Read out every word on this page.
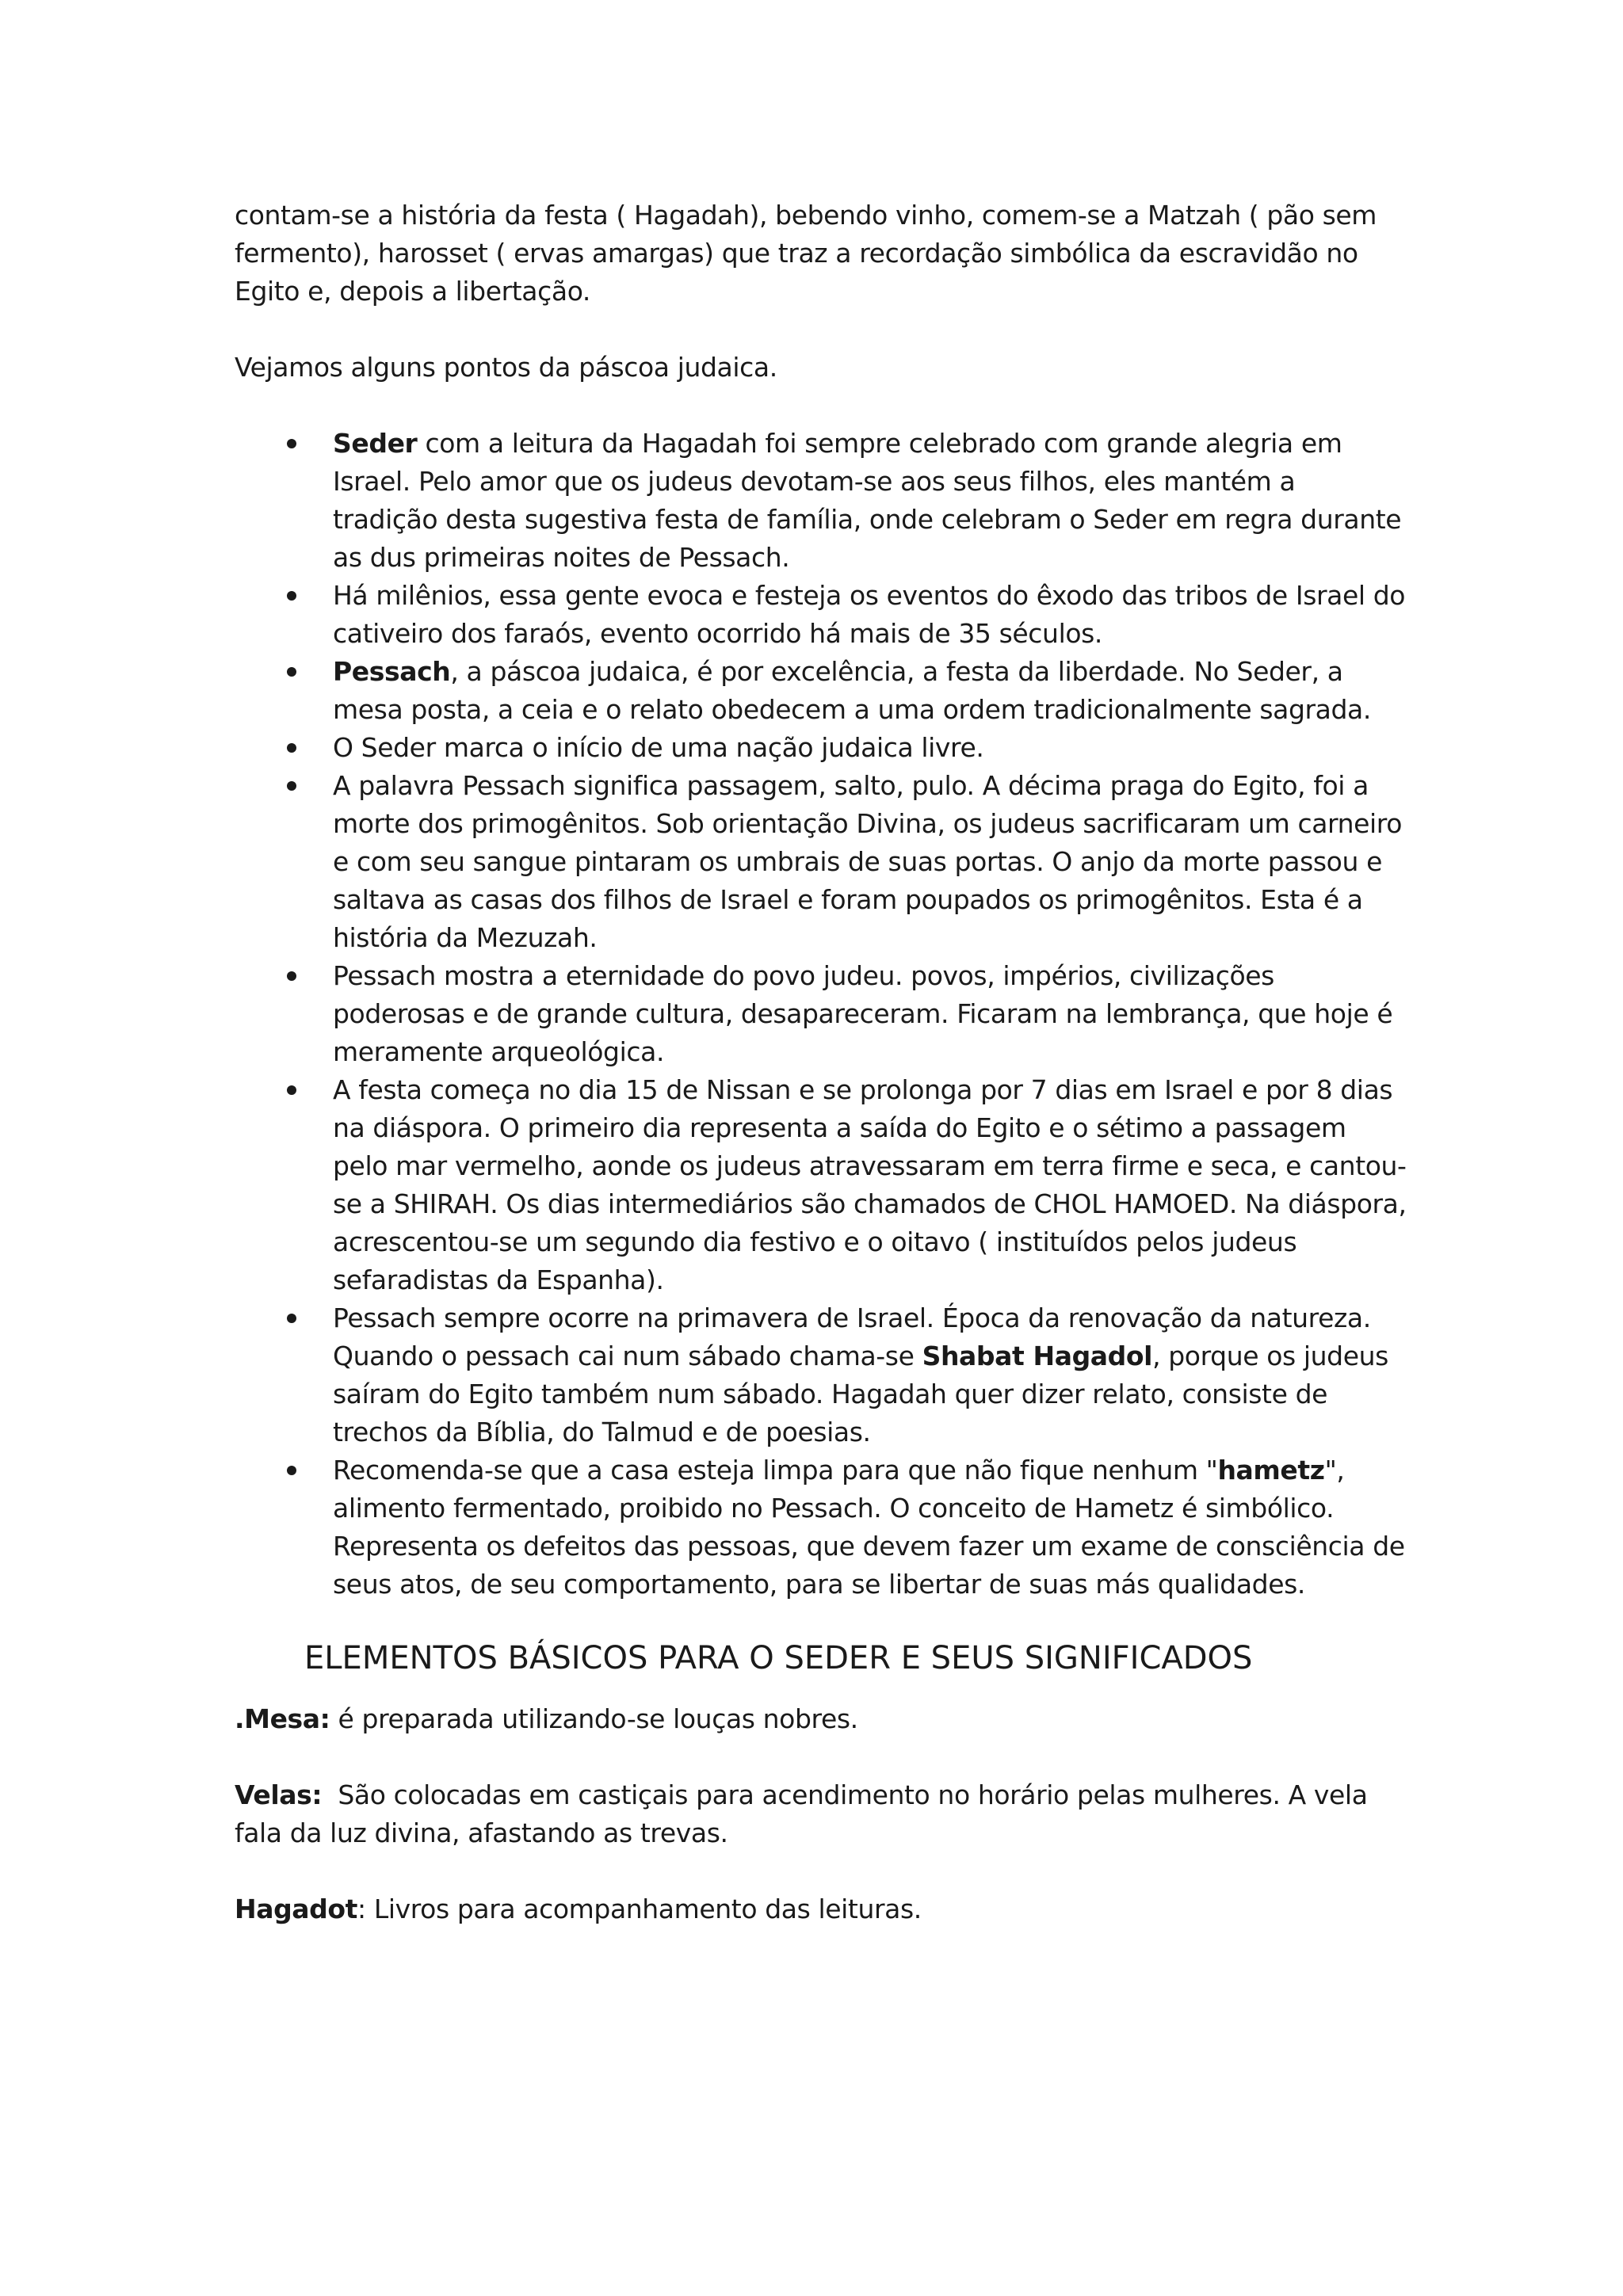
contam-se a história da festa ( Hagadah), bebendo vinho, comem-se a Matzah ( pão sem fermento), harosset ( ervas amargas) que traz a recordação simbólica da escravidão no Egito e, depois a libertação.

Vejamos alguns pontos da páscoa judaica.

Seder com a leitura da Hagadah foi sempre celebrado com grande alegria em Israel. Pelo amor que os judeus devotam-se aos seus filhos, eles mantém a tradição desta sugestiva festa de família, onde celebram o Seder em regra durante as dus primeiras noites de Pessach.
Há milênios, essa gente evoca e festeja os eventos do êxodo das tribos de Israel do cativeiro dos faraós, evento ocorrido há mais de 35 séculos.
Pessach, a páscoa judaica, é por excelência, a festa da liberdade. No Seder, a mesa posta, a ceia e o relato obedecem a uma ordem tradicionalmente sagrada.
O Seder marca o início de uma nação judaica livre.
A palavra Pessach significa passagem, salto, pulo. A décima praga do Egito, foi a morte dos primogênitos. Sob orientação Divina, os judeus sacrificaram um carneiro e com seu sangue pintaram os umbrais de suas portas. O anjo da morte passou e saltava as casas dos filhos de Israel e foram poupados os primogênitos. Esta é a história da Mezuzah.
Pessach mostra a eternidade do povo judeu. povos, impérios, civilizações poderosas e de grande cultura, desapareceram. Ficaram na lembrança, que hoje é meramente arqueológica.
A festa começa no dia 15 de Nissan e se prolonga por 7 dias em Israel e por 8 dias na diáspora. O primeiro dia representa a saída do Egito e o sétimo a passagem pelo mar vermelho, aonde os judeus atravessaram em terra firme e seca, e cantou-se a SHIRAH. Os dias intermediários são chamados de CHOL HAMOED. Na diáspora, acrescentou-se um segundo dia festivo e o oitavo ( instituídos pelos judeus sefaradistas da Espanha).
Pessach sempre ocorre na primavera de Israel. Época da renovação da natureza. Quando o pessach cai num sábado chama-se Shabat Hagadol, porque os judeus saíram do Egito também num sábado. Hagadah quer dizer relato, consiste de trechos da Bíblia, do Talmud e de poesias.
Recomenda-se que a casa esteja limpa para que não fique nenhum "hametz", alimento fermentado, proibido no Pessach. O conceito de Hametz é simbólico. Representa os defeitos das pessoas, que devem fazer um exame de consciência de seus atos, de seu comportamento, para se libertar de suas más qualidades.
ELEMENTOS BÁSICOS PARA O SEDER E SEUS SIGNIFICADOS

.Mesa: é preparada utilizando-se louças nobres.

Velas:  São colocadas em castiçais para acendimento no horário pelas mulheres. A vela fala da luz divina, afastando as trevas.

Hagadot: Livros para acompanhamento das leituras.
